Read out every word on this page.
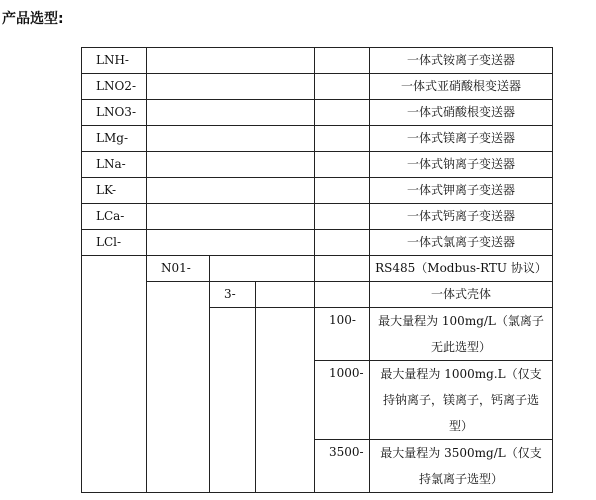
产品选型:
LNH-					一体式铵离子变送器
LNO2-					一体式亚硝酸根变送器
LNO3-					一体式硝酸根变送器
LMg-					一体式镁离子变送器
LNa-					一体式钠离子变送器
LK-					一体式钾离子变送器
LCa-					一体式钙离子变送器
LCl-					一体式氯离子变送器
	N01-				RS485（Modbus-RTU 协议）
		3-			一体式壳体
				100-	最大量程为 100mg/L（氯离子无此选型）
				1000-	最大量程为 1000mg.L（仅支持钠离子，镁离子，钙离子选型）
				3500-	最大量程为 3500mg/L（仅支持氯离子选型）
